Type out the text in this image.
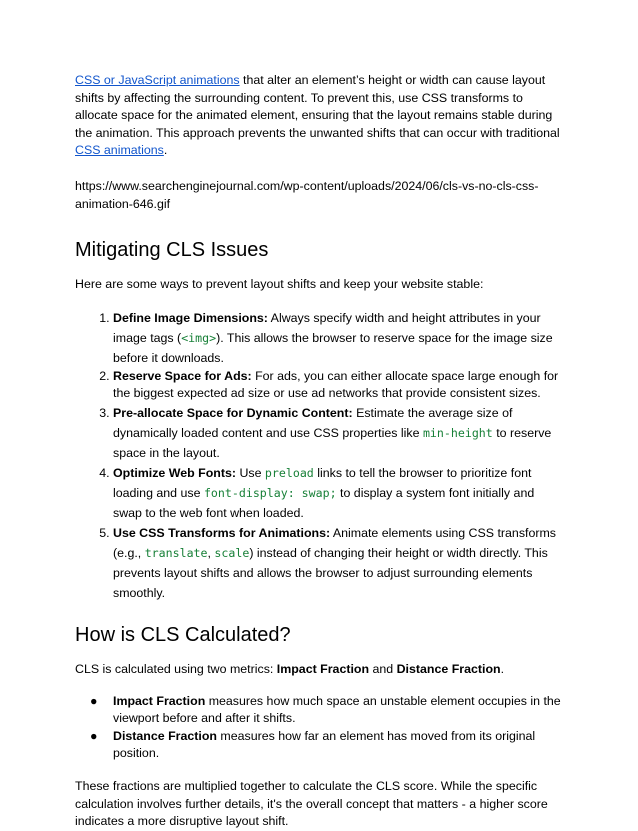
CSS or JavaScript animations that alter an element’s height or width can cause layout shifts by affecting the surrounding content. To prevent this, use CSS transforms to allocate space for the animated element, ensuring that the layout remains stable during the animation. This approach prevents the unwanted shifts that can occur with traditional CSS animations.

https://www.searchenginejournal.com/wp-content/uploads/2024/06/cls-vs-no-cls-css-animation-646.gif

Mitigating CLS Issues

Here are some ways to prevent layout shifts and keep your website stable:

1. Define Image Dimensions: Always specify width and height attributes in your image tags (<img>). This allows the browser to reserve space for the image size before it downloads.
2. Reserve Space for Ads: For ads, you can either allocate space large enough for the biggest expected ad size or use ad networks that provide consistent sizes.
3. Pre-allocate Space for Dynamic Content: Estimate the average size of dynamically loaded content and use CSS properties like min-height to reserve space in the layout.
4. Optimize Web Fonts: Use preload links to tell the browser to prioritize font loading and use font-display: swap; to display a system font initially and swap to the web font when loaded.
5. Use CSS Transforms for Animations: Animate elements using CSS transforms (e.g., translate, scale) instead of changing their height or width directly. This prevents layout shifts and allows the browser to adjust surrounding elements smoothly.
How is CLS Calculated?

CLS is calculated using two metrics: Impact Fraction and Distance Fraction.

● Impact Fraction measures how much space an unstable element occupies in the viewport before and after it shifts.
● Distance Fraction measures how far an element has moved from its original position.

These fractions are multiplied together to calculate the CLS score. While the specific calculation involves further details, it's the overall concept that matters - a higher score indicates a more disruptive layout shift.
